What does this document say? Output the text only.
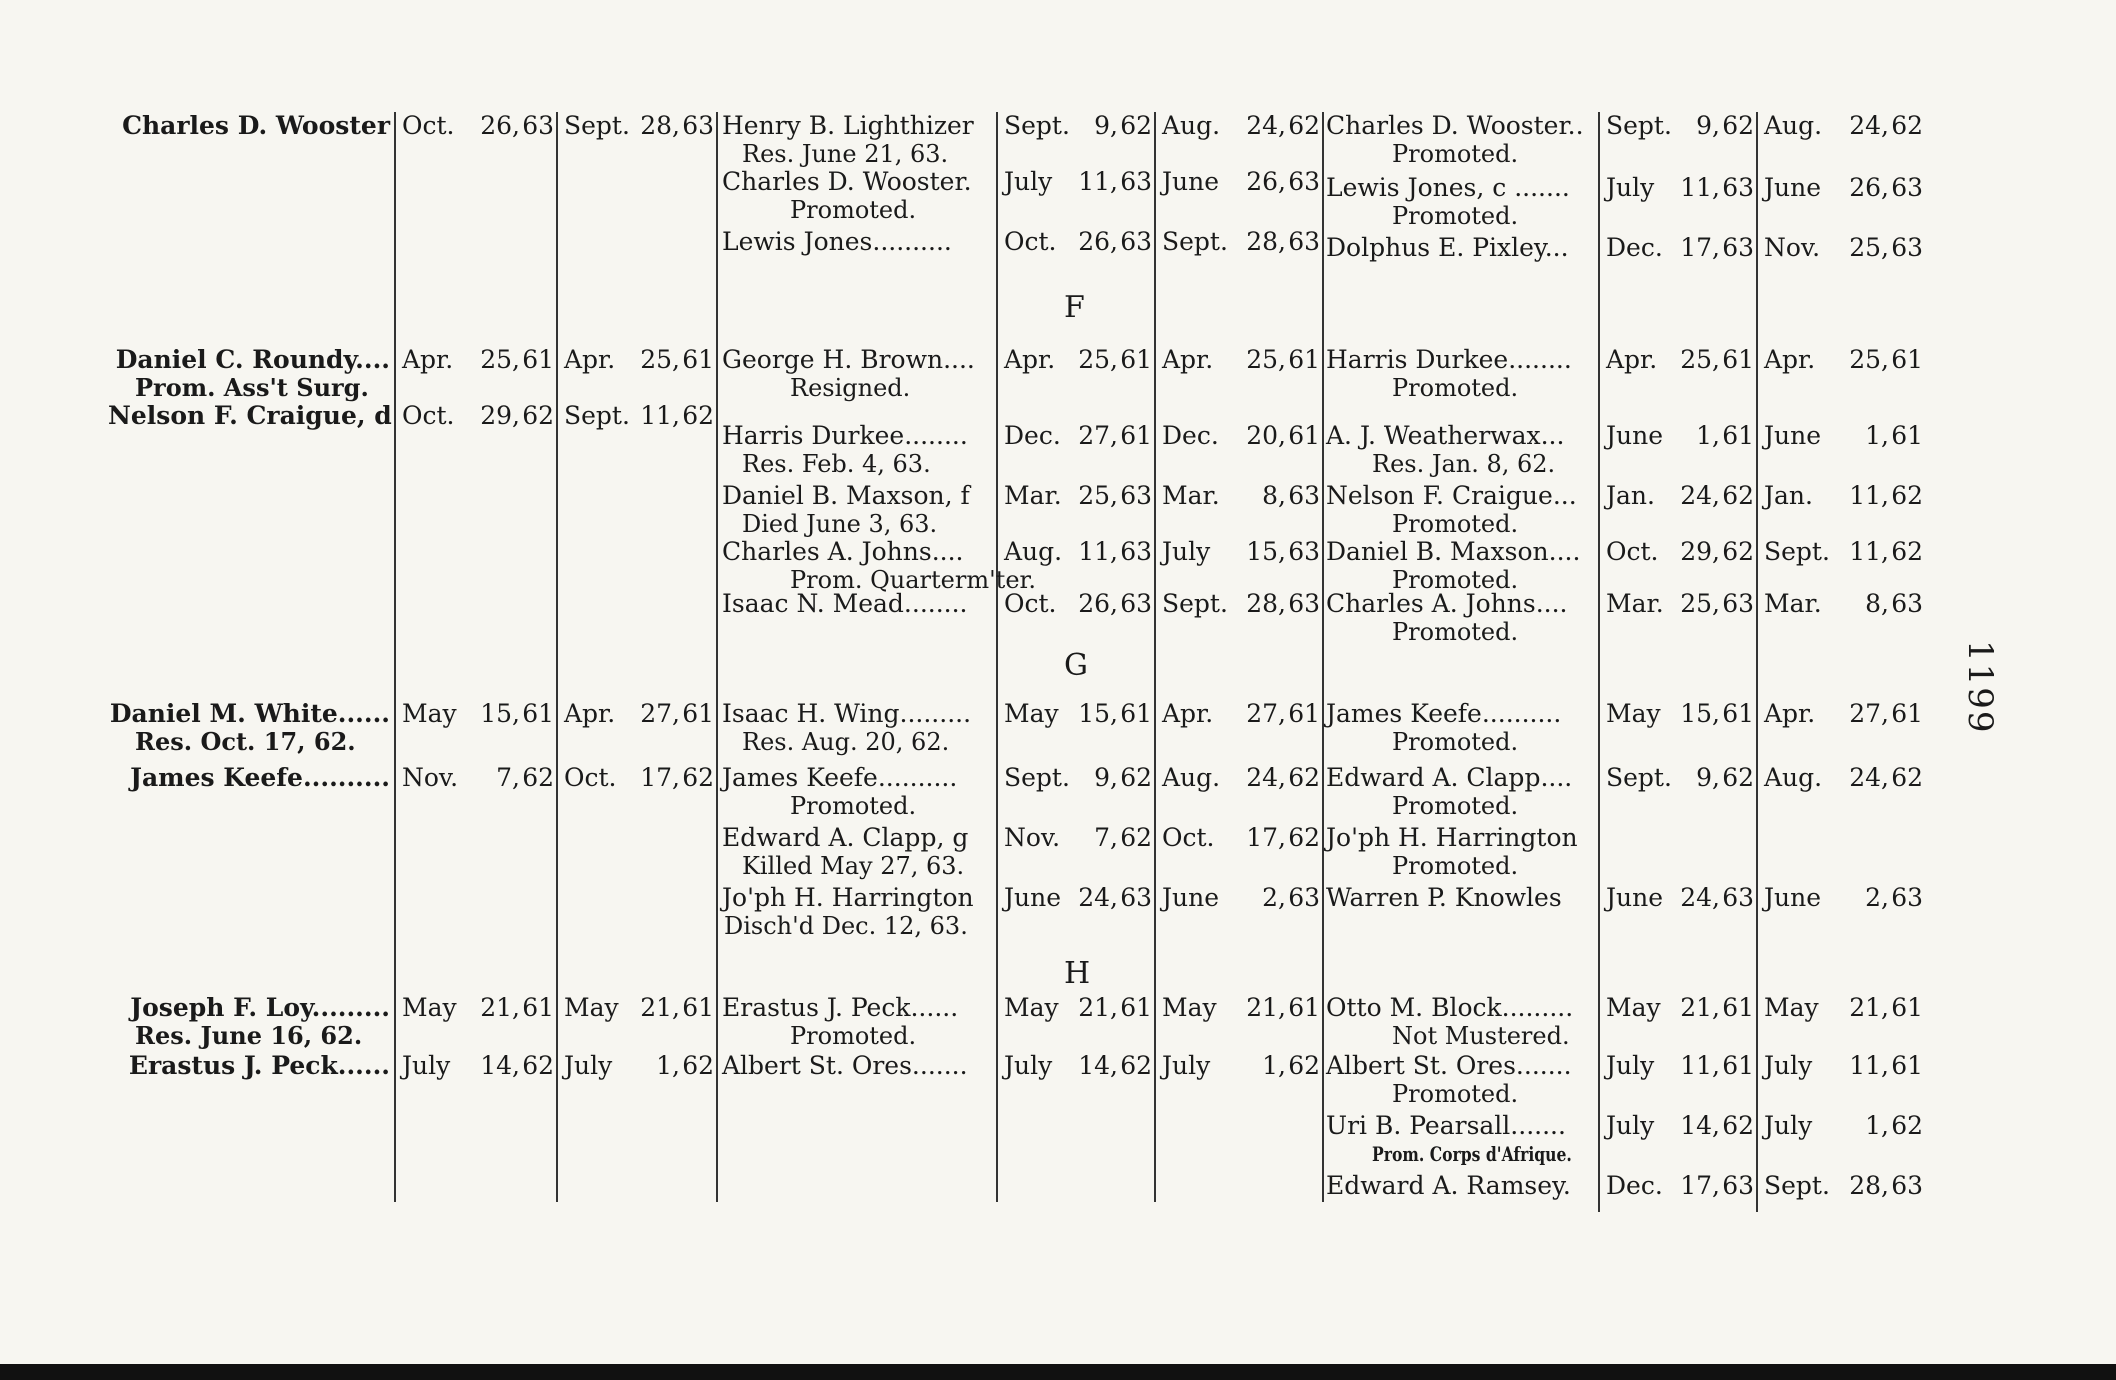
Charles D. Wooster Oct. 26, 63 Sept. 28, 63 Henry B. Lighthizer
Res. June 21, 63.
Sept. 9, 62 Aug. 24, 62
Charles D. Wooster.
Promoted.
July 11, 63 June 26, 63
Lewis Jones.......... Oct. 26, 63 Sept. 28, 63
Charles D. Wooster..
Promoted.
Sept. 9, 62 Aug. 24, 62
Lewis Jones, c .......
Promoted.
July 11, 63 June 26, 63
Dolphus E. Pixley... Dec. 17, 63 Nov. 25, 63
F
Daniel C. Roundy....
Prom. Ass't Surg.
Apr. 25, 61 Apr. 25, 61
Nelson F. Craigue, d Oct. 29, 62 Sept. 11, 62
George H. Brown....
Resigned.
Apr. 25, 61 Apr. 25, 61
Harris Durkee........
Res. Feb. 4, 63.
Dec. 27, 61 Dec. 20, 61
Daniel B. Maxson, f
Died June 3, 63.
Mar. 25, 63 Mar. 8, 63
Charles A. Johns....
Prom. Quarterm'ter.
Aug. 11, 63 July 15, 63
Isaac N. Mead........ Oct. 26, 63 Sept. 28, 63
Harris Durkee........
Promoted.
Apr. 25, 61 Apr. 25, 61
A. J. Weatherwax...
Res. Jan. 8, 62.
June 1, 61 June 1, 61
Nelson F. Craigue...
Promoted.
Jan. 24, 62 Jan. 11, 62
Daniel B. Maxson....
Promoted.
Oct. 29, 62 Sept. 11, 62
Charles A. Johns....
Promoted.
Mar. 25, 63 Mar. 8, 63
G
Daniel M. White......
Res. Oct. 17, 62.
May 15, 61 Apr. 27, 61
James Keefe.......... Nov. 7, 62 Oct. 17, 62
Isaac H. Wing.........
Res. Aug. 20, 62.
May 15, 61 Apr. 27, 61
James Keefe..........
Promoted.
Sept. 9, 62 Aug. 24, 62
Edward A. Clapp, g
Killed May 27, 63.
Nov. 7, 62 Oct. 17, 62
Jo'ph H. Harrington
Disch'd Dec. 12, 63.
June 24, 63 June 2, 63
James Keefe..........
Promoted.
May 15, 61 Apr. 27, 61
Edward A. Clapp....
Promoted.
Sept. 9, 62 Aug. 24, 62
Jo'ph H. Harrington
Promoted.
Warren P. Knowles June 24, 63 June 2, 63
H
Joseph F. Loy.........
Res. June 16, 62.
May 21, 61 May 21, 61
Erastus J. Peck...... July 14, 62 July 1, 62
Erastus J. Peck......
Promoted.
May 21, 61 May 21, 61
Albert St. Ores....... July 14, 62 July 1, 62
Otto M. Block.........
Not Mustered.
May 21, 61 May 21, 61
Albert St. Ores.......
Promoted.
July 11, 61 July 11, 61
Uri B. Pearsall.......
Prom. Corps d'Afrique.
July 14, 62 July 1, 62
Edward A. Ramsey. Dec. 17, 63 Sept. 28, 63
1199
